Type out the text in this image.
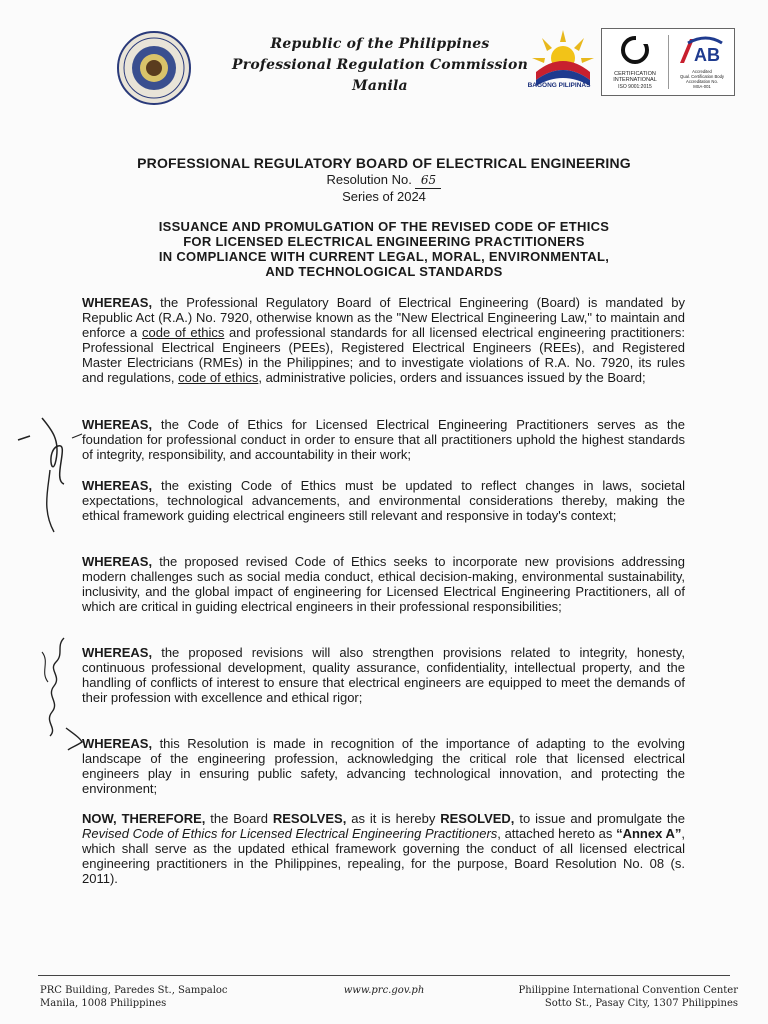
Republic of the Philippines
Professional Regulation Commission
Manila	BAGONG PILIPINAS
CERTIFICATION
INTERNATIONAL
ISO 9001:2015
AB
Accredited
Qual. Certification Body
Accreditation No.
MSA-001
PROFESSIONAL REGULATORY BOARD OF ELECTRICAL ENGINEERING
Resolution No. 65
Series of 2024
ISSUANCE AND PROMULGATION OF THE REVISED CODE OF ETHICS
FOR LICENSED ELECTRICAL ENGINEERING PRACTITIONERS
IN COMPLIANCE WITH CURRENT LEGAL, MORAL, ENVIRONMENTAL,
AND TECHNOLOGICAL STANDARDS
WHEREAS, the Professional Regulatory Board of Electrical Engineering (Board) is mandated by Republic Act (R.A.) No. 7920, otherwise known as the "New Electrical Engineering Law," to maintain and enforce a code of ethics and professional standards for all licensed electrical engineering practitioners: Professional Electrical Engineers (PEEs), Registered Electrical Engineers (REEs), and Registered Master Electricians (RMEs) in the Philippines; and to investigate violations of R.A. No. 7920, its rules and regulations, code of ethics, administrative policies, orders and issuances issued by the Board;
WHEREAS, the Code of Ethics for Licensed Electrical Engineering Practitioners serves as the foundation for professional conduct in order to ensure that all practitioners uphold the highest standards of integrity, responsibility, and accountability in their work;
WHEREAS, the existing Code of Ethics must be updated to reflect changes in laws, societal expectations, technological advancements, and environmental considerations thereby, making the ethical framework guiding electrical engineers still relevant and responsive in today's context;
WHEREAS, the proposed revised Code of Ethics seeks to incorporate new provisions addressing modern challenges such as social media conduct, ethical decision-making, environmental sustainability, inclusivity, and the global impact of engineering for Licensed Electrical Engineering Practitioners, all of which are critical in guiding electrical engineers in their professional responsibilities;
WHEREAS, the proposed revisions will also strengthen provisions related to integrity, honesty, continuous professional development, quality assurance, confidentiality, intellectual property, and the handling of conflicts of interest to ensure that electrical engineers are equipped to meet the demands of their profession with excellence and ethical rigor;
WHEREAS, this Resolution is made in recognition of the importance of adapting to the evolving landscape of the engineering profession, acknowledging the critical role that licensed electrical engineers play in ensuring public safety, advancing technological innovation, and protecting the environment;
NOW, THEREFORE, the Board RESOLVES, as it is hereby RESOLVED, to issue and promulgate the Revised Code of Ethics for Licensed Electrical Engineering Practitioners, attached hereto as “Annex A”, which shall serve as the updated ethical framework governing the conduct of all licensed electrical engineering practitioners in the Philippines, repealing, for the purpose, Board Resolution No. 08 (s. 2011).
PRC Building, Paredes St., Sampaloc
Manila, 1008 Philippines
www.prc.gov.ph	Philippine International Convention Center
Sotto St., Pasay City, 1307 Philippines
